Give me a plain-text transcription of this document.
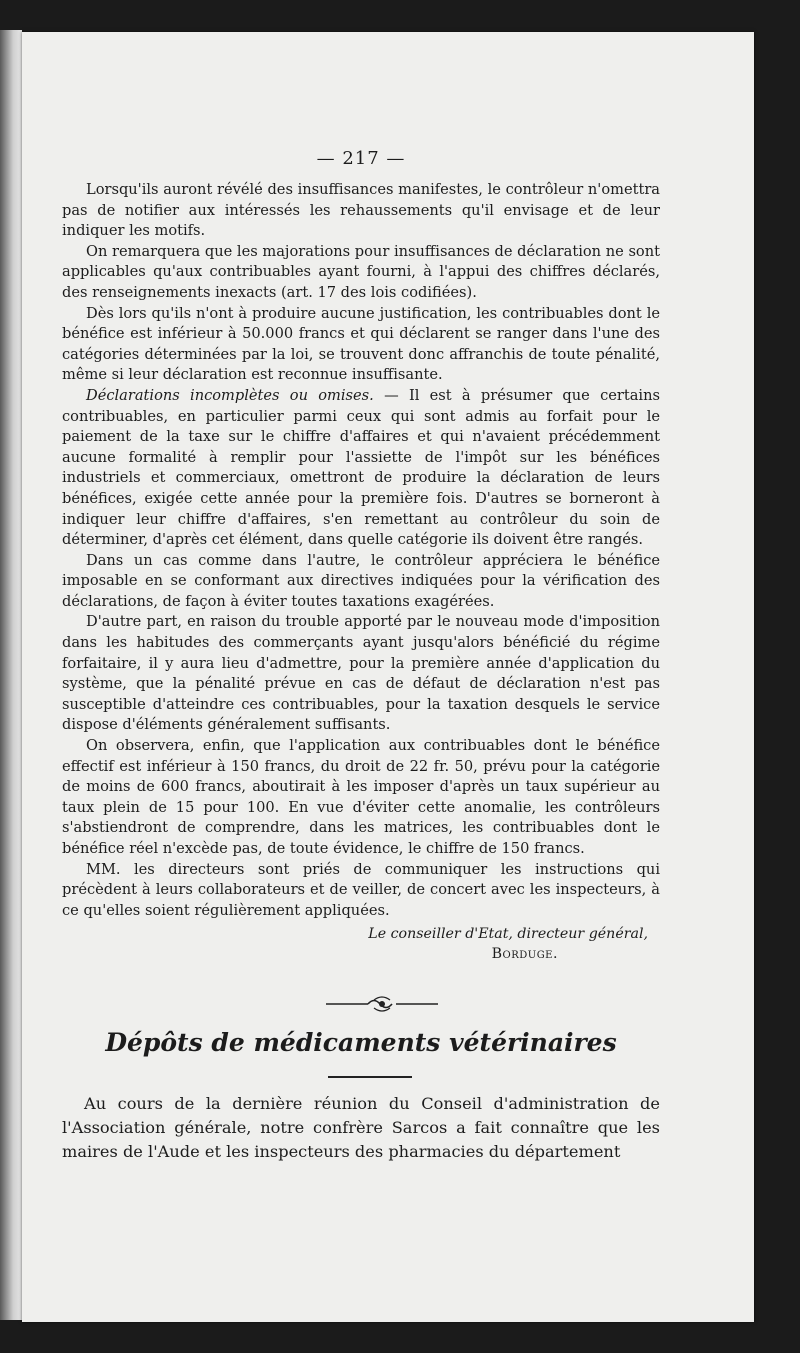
— 217 —

Lorsqu'ils auront révélé des insuffisances manifestes, le contrôleur n'omettra pas de notifier aux intéressés les rehaussements qu'il envisage et de leur indiquer les motifs.

On remarquera que les majorations pour insuffisances de déclaration ne sont applicables qu'aux contribuables ayant fourni, à l'appui des chiffres déclarés, des renseignements inexacts (art. 17 des lois codifiées).

Dès lors qu'ils n'ont à produire aucune justification, les contribuables dont le bénéfice est inférieur à 50.000 francs et qui déclarent se ranger dans l'une des catégories déterminées par la loi, se trouvent donc affranchis de toute pénalité, même si leur déclaration est reconnue insuffisante.

Déclarations incomplètes ou omises. — Il est à présumer que certains contribuables, en particulier parmi ceux qui sont admis au forfait pour le paiement de la taxe sur le chiffre d'affaires et qui n'avaient précédemment aucune formalité à remplir pour l'assiette de l'impôt sur les bénéfices industriels et commerciaux, omettront de produire la déclaration de leurs bénéfices, exigée cette année pour la première fois. D'autres se borneront à indiquer leur chiffre d'affaires, s'en remettant au contrôleur du soin de déterminer, d'après cet élément, dans quelle catégorie ils doivent être rangés.

Dans un cas comme dans l'autre, le contrôleur appréciera le bénéfice imposable en se conformant aux directives indiquées pour la vérification des déclarations, de façon à éviter toutes taxations exagérées.

D'autre part, en raison du trouble apporté par le nouveau mode d'imposition dans les habitudes des commerçants ayant jusqu'alors bénéficié du régime forfaitaire, il y aura lieu d'admettre, pour la première année d'application du système, que la pénalité prévue en cas de défaut de déclaration n'est pas susceptible d'atteindre ces contribuables, pour la taxation desquels le service dispose d'éléments généralement suffisants.

On observera, enfin, que l'application aux contribuables dont le bénéfice effectif est inférieur à 150 francs, du droit de 22 fr. 50, prévu pour la catégorie de moins de 600 francs, aboutirait à les imposer d'après un taux supérieur au taux plein de 15 pour 100. En vue d'éviter cette anomalie, les contrôleurs s'abstiendront de comprendre, dans les matrices, les contribuables dont le bénéfice réel n'excède pas, de toute évidence, le chiffre de 150 francs.

MM. les directeurs sont priés de communiquer les instructions qui précèdent à leurs collaborateurs et de veiller, de concert avec les inspecteurs, à ce qu'elles soient régulièrement appliquées.

Le conseiller d'Etat, directeur général,
Borduge.
Dépôts de médicaments vétérinaires

Au cours de la dernière réunion du Conseil d'administration de l'Association générale, notre confrère Sarcos a fait connaître que les maires de l'Aude et les inspecteurs des pharmacies du département
